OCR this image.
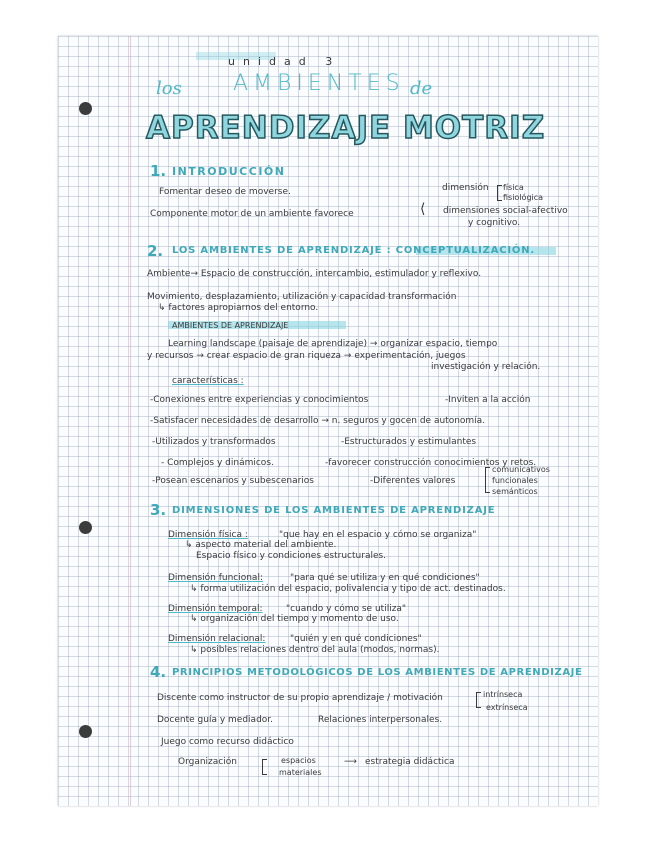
unidad 3
los AMBIENTES de
APRENDIZAJE MOTRIZ
1. INTRODUCCIÓN
Fomentar deseo de moverse.
Componente motor de un ambiente favorece	⟨
dimensión física
fisiológica
dimensiones social-afectivo
y cognitivo.
2. LOS AMBIENTES DE APRENDIZAJE : CONCEPTUALIZACIÓN.
Ambiente→ Espacio de construcción, intercambio, estimulador y reflexivo.
Movimiento, desplazamiento, utilización y capacidad transformación
↳ factores apropiarnos del entorno.
AMBIENTES DE APRENDIZAJE
Learning landscape (paisaje de aprendizaje) → organizar espacio, tiempo
y recursos → crear espacio de gran riqueza → experimentación, juegos
investigación y relación.
características :
-Conexiones entre experiencias y conocimientos	-Inviten a la acción
-Satisfacer necesidades de desarrollo → n. seguros y gocen de autonomía.
-Utilizados y transformados	-Estructurados y estimulantes
- Complejos y dinámicos.	-favorecer construcción conocimientos y retos.
-Posean escenarios y subescenarios	-Diferentes valores
comunicativos
funcionales
semánticos
3. DIMENSIONES DE LOS AMBIENTES DE APRENDIZAJE
Dimensión física :	"que hay en el espacio y cómo se organiza"
↳ aspecto material del ambiente.
Espacio físico y condiciones estructurales.
Dimensión funcional:	"para qué se utiliza y en qué condiciones"
↳ forma utilización del espacio, polivalencia y tipo de act. destinados.
Dimensión temporal:	"cuando y cómo se utiliza"
↳ organización del tiempo y momento de uso.
Dimensión relacional:	"quién y en qué condiciones"
↳ posibles relaciones dentro del aula (modos, normas).
4. PRINCIPIOS METODOLÓGICOS DE LOS AMBIENTES DE APRENDIZAJE
Discente como instructor de su propio aprendizaje / motivación	intrínseca
extrínseca
Docente guía y mediador.	Relaciones interpersonales.
Juego como recurso didáctico
Organización	espacios
materiales
⟶ estrategia didáctica
